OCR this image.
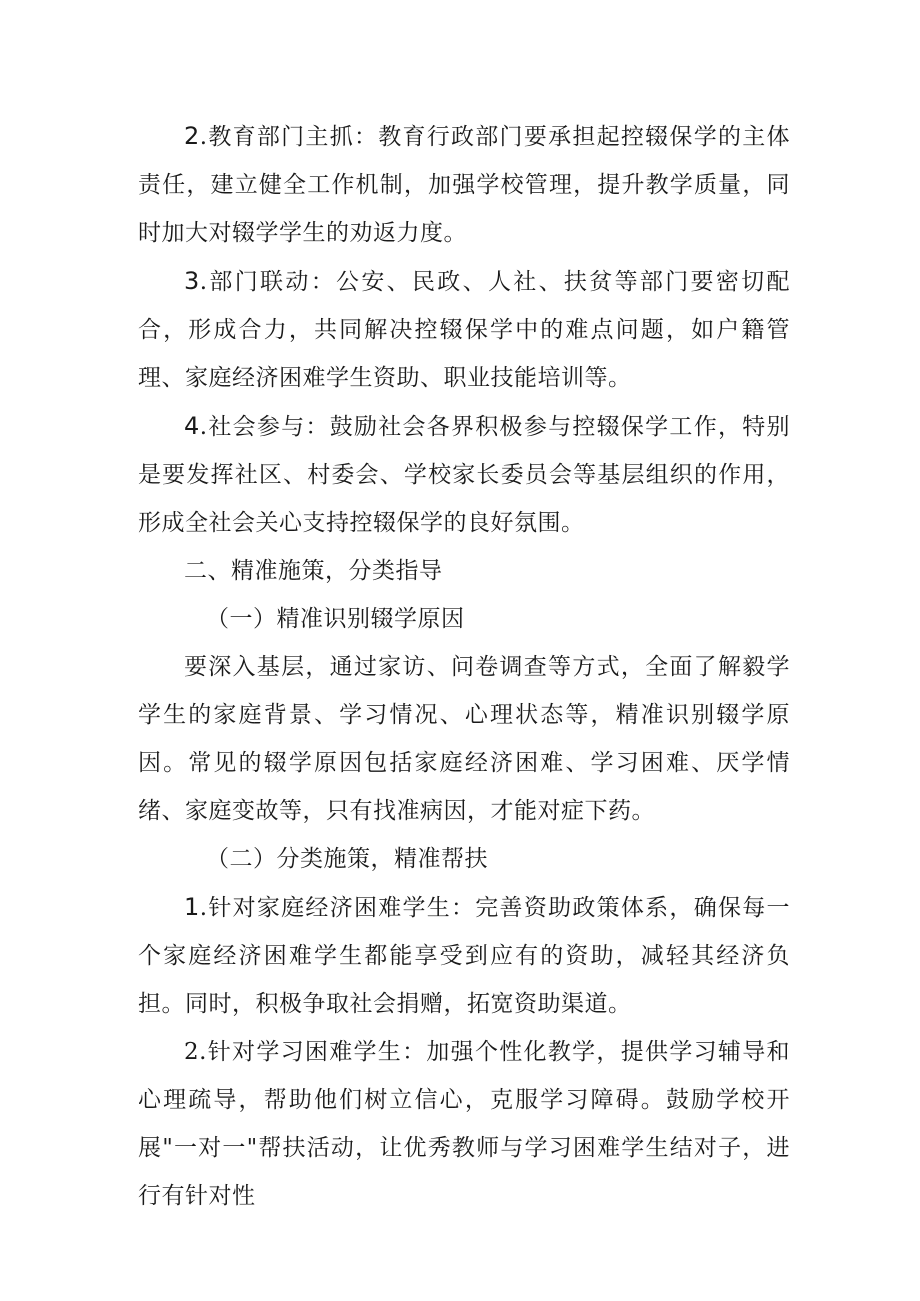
2.教育部门主抓：教育行政部门要承担起控辍保学的主体责任，建立健全工作机制，加强学校管理，提升教学质量，同时加大对辍学学生的劝返力度。

3.部门联动：公安、民政、人社、扶贫等部门要密切配合，形成合力，共同解决控辍保学中的难点问题，如户籍管理、家庭经济困难学生资助、职业技能培训等。

4.社会参与：鼓励社会各界积极参与控辍保学工作，特别是要发挥社区、村委会、学校家长委员会等基层组织的作用，形成全社会关心支持控辍保学的良好氛围。

二、精准施策，分类指导

（一）精准识别辍学原因

要深入基层，通过家访、问卷调查等方式，全面了解毅学学生的家庭背景、学习情况、心理状态等，精准识别辍学原因。常见的辍学原因包括家庭经济困难、学习困难、厌学情绪、家庭变故等，只有找准病因，才能对症下药。

（二）分类施策，精准帮扶

1.针对家庭经济困难学生：完善资助政策体系，确保每一个家庭经济困难学生都能享受到应有的资助，减轻其经济负担。同时，积极争取社会捐赠，拓宽资助渠道。

2.针对学习困难学生：加强个性化教学，提供学习辅导和心理疏导，帮助他们树立信心，克服学习障碍。鼓励学校开展"一对一"帮扶活动，让优秀教师与学习困难学生结对子，进行有针对性
